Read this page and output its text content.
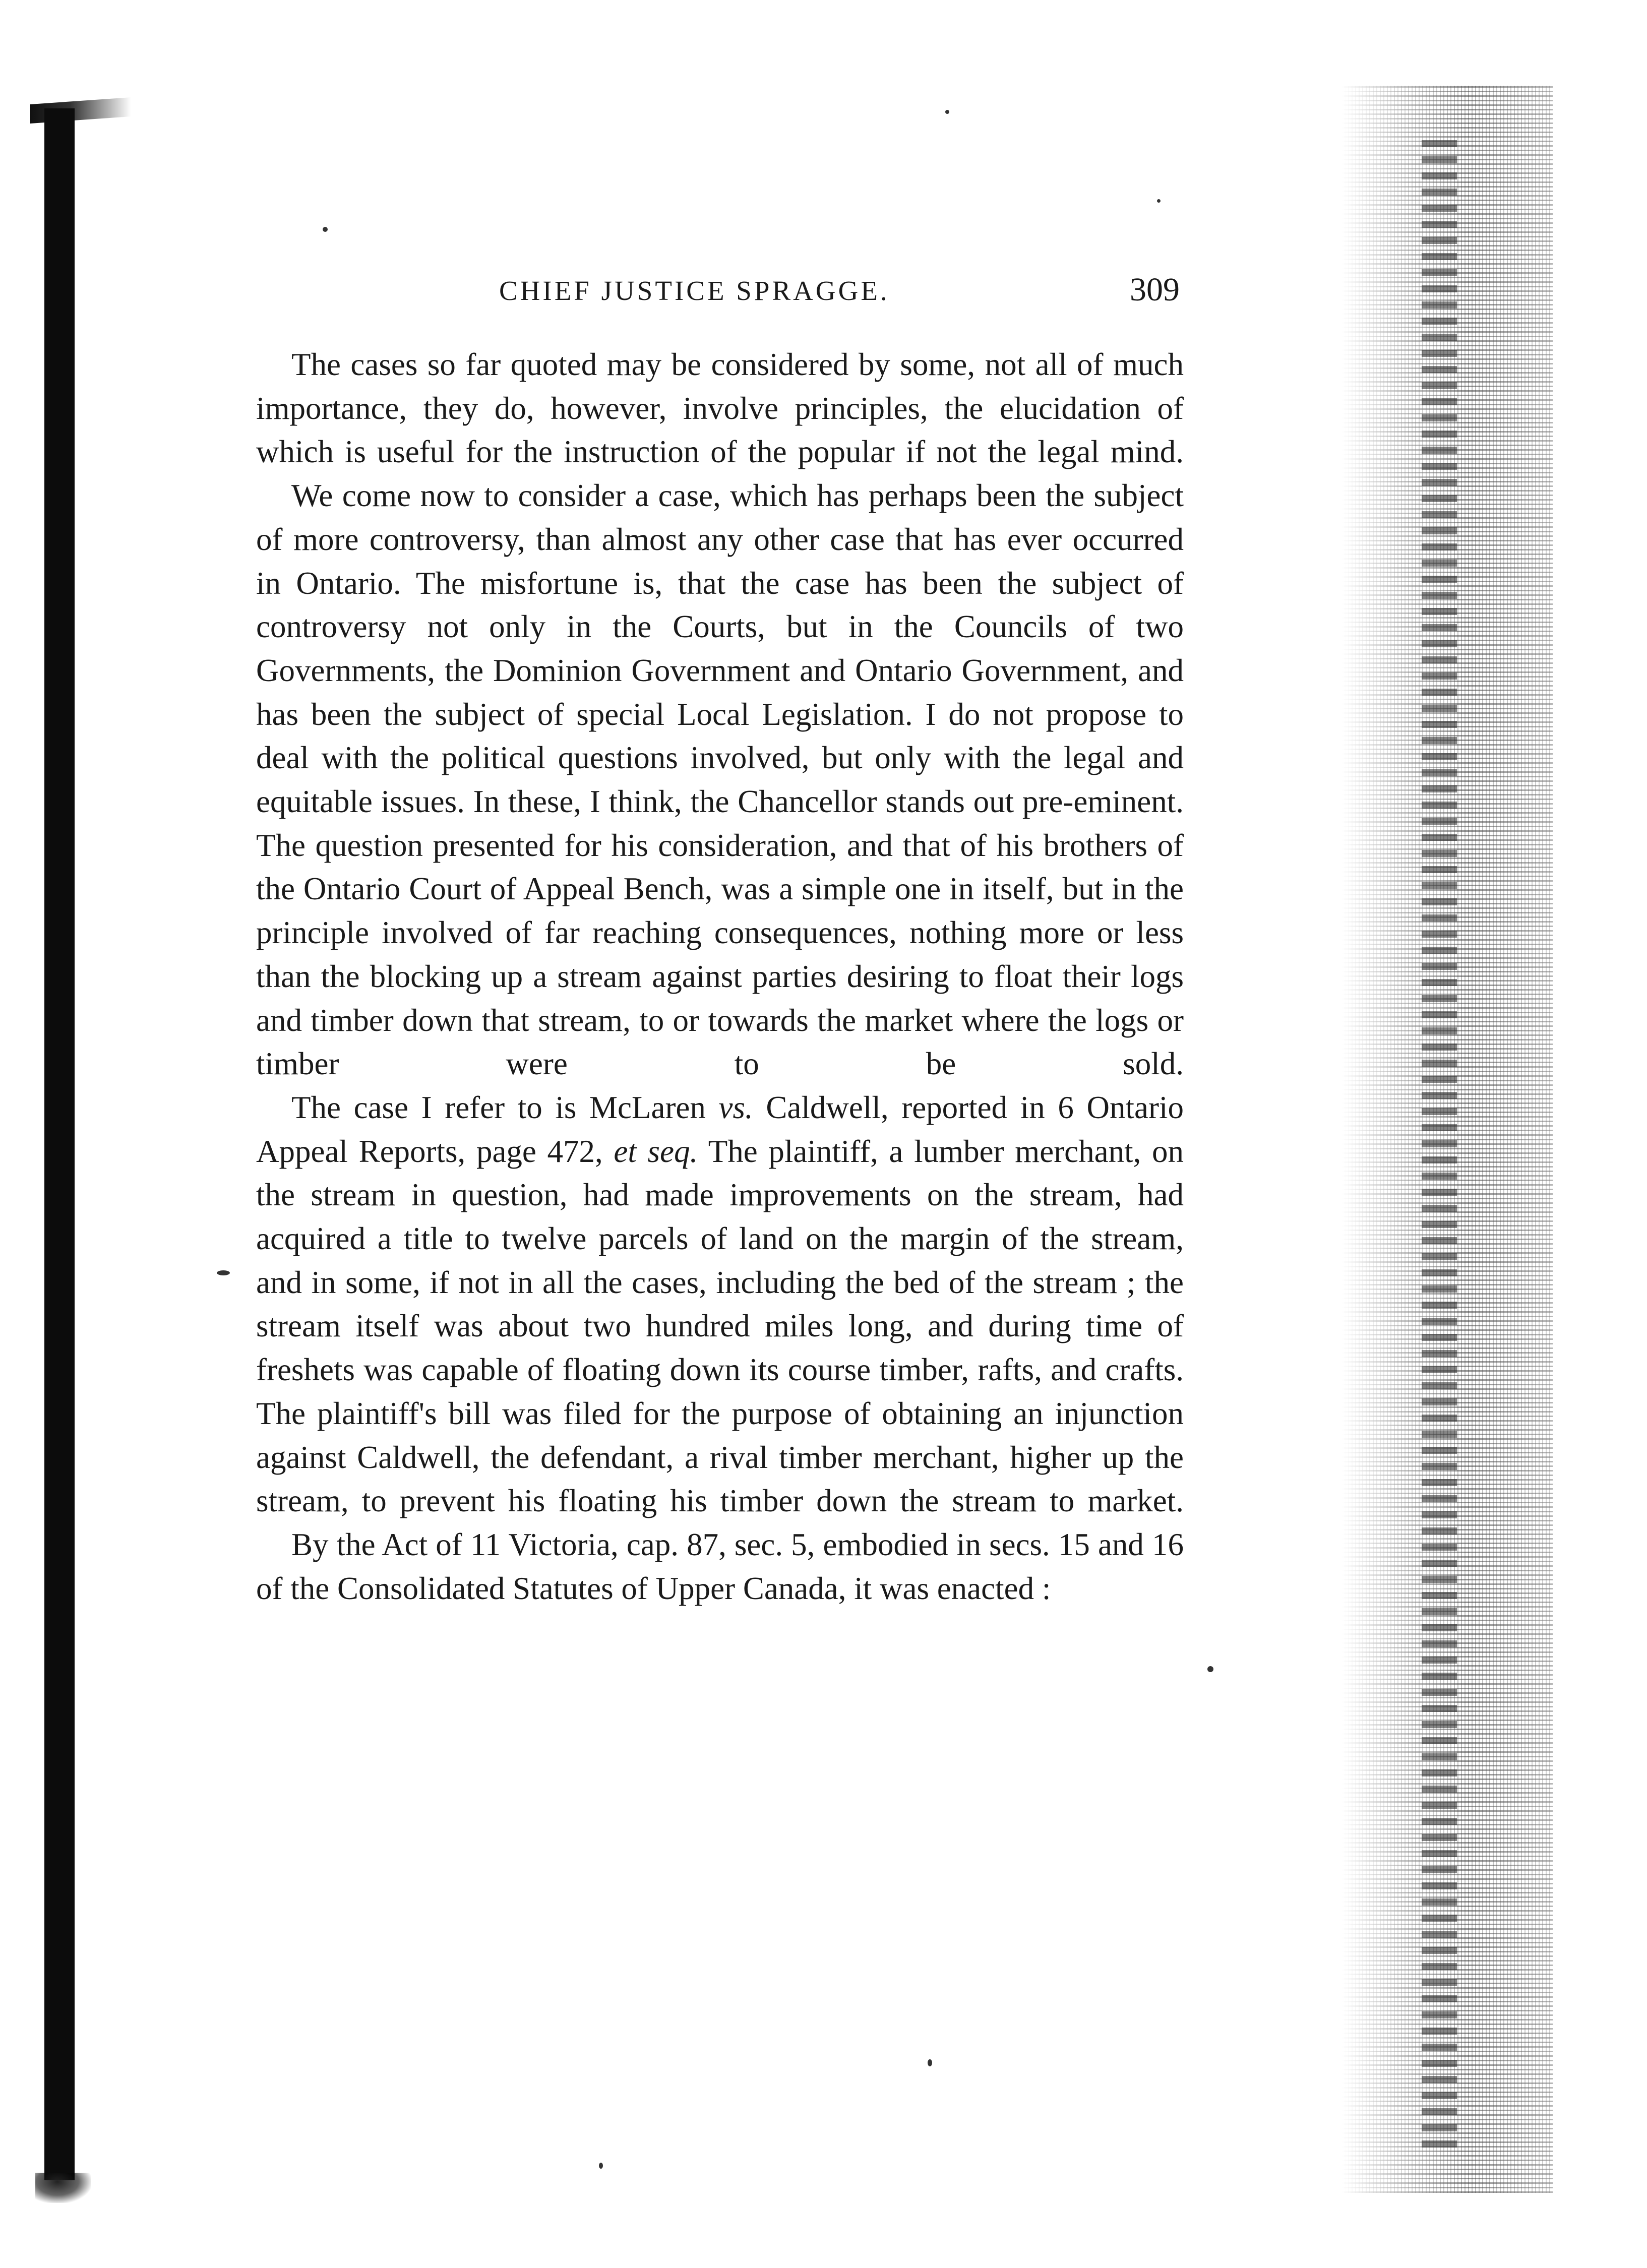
CHIEF JUSTICE SPRAGGE.	309

The cases so far quoted may be considered by some, not all of much importance, they do, however, involve principles, the elucidation of which is useful for the instruction of the popular if not the legal mind.

We come now to consider a case, which has perhaps been the subject of more controversy, than almost any other case that has ever occurred in Ontario. The misfortune is, that the case has been the subject of controversy not only in the Courts, but in the Councils of two Governments, the Dominion Government and Ontario Government, and has been the subject of special Local Legislation. I do not propose to deal with the political questions involved, but only with the legal and equitable issues. In these, I think, the Chancellor stands out pre-eminent. The question presented for his consideration, and that of his brothers of the Ontario Court of Appeal Bench, was a simple one in itself, but in the principle involved of far reaching consequences, nothing more or less than the blocking up a stream against parties desiring to float their logs and timber down that stream, to or towards the market where the logs or timber were to be sold.

The case I refer to is McLaren vs. Caldwell, reported in 6 Ontario Appeal Reports, page 472, et seq. The plaintiff, a lumber merchant, on the stream in question, had made improvements on the stream, had acquired a title to twelve parcels of land on the margin of the stream, and in some, if not in all the cases, including the bed of the stream ; the stream itself was about two hundred miles long, and during time of freshets was capable of floating down its course timber, rafts, and crafts. The plaintiff's bill was filed for the purpose of obtaining an injunction against Caldwell, the defendant, a rival timber merchant, higher up the stream, to prevent his floating his timber down the stream to market.

By the Act of 11 Victoria, cap. 87, sec. 5, embodied in secs. 15 and 16 of the Consolidated Statutes of Upper Canada, it was enacted :
